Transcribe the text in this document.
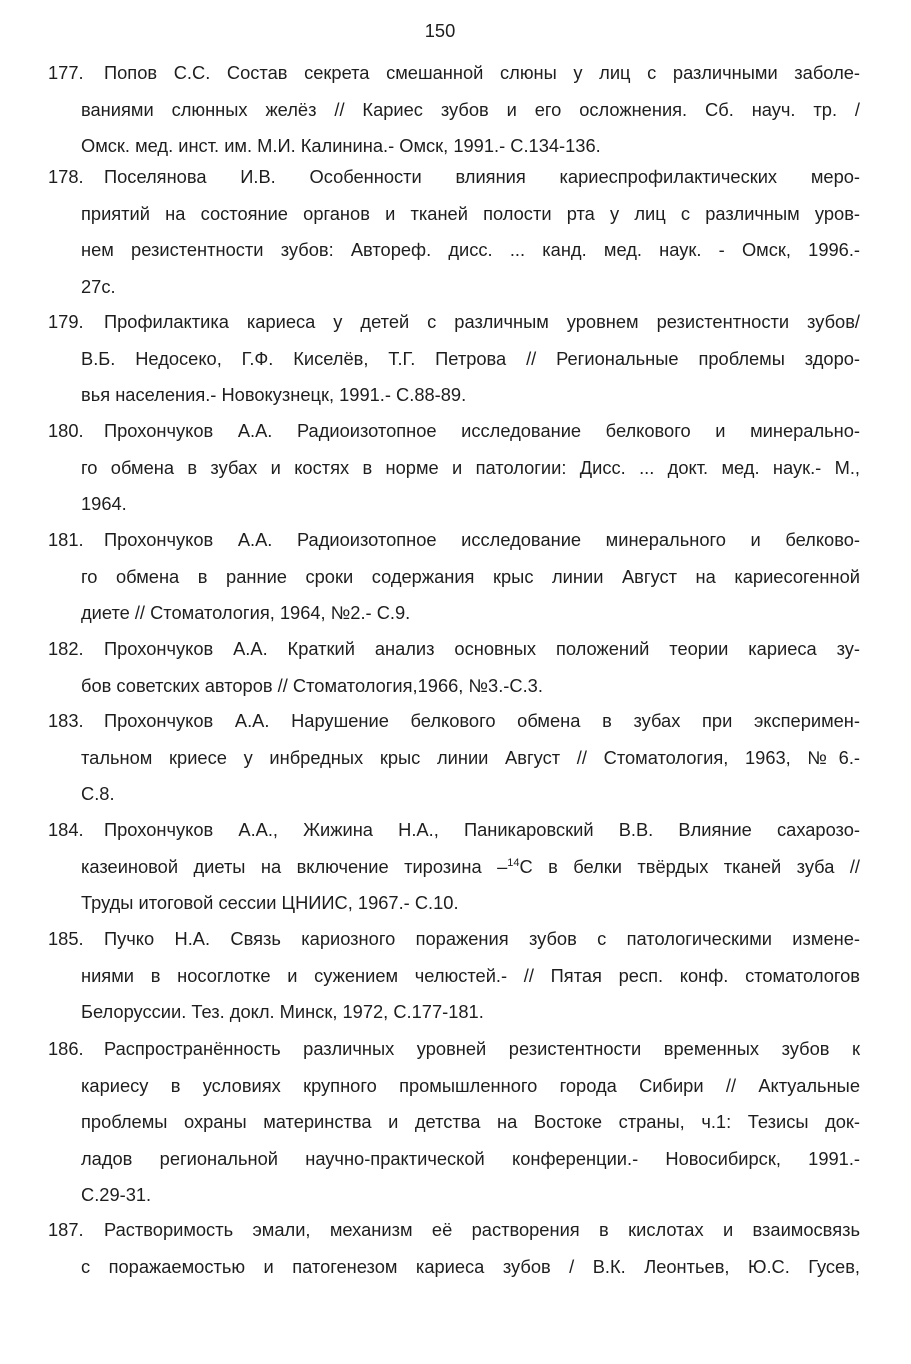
150
177. Попов С.С. Состав секрета смешанной слюны у лиц с различными заболе-
ваниями слюнных желёз // Кариес зубов и его осложнения. Сб. науч. тр. /
Омск. мед. инст. им. М.И. Калинина.- Омск, 1991.- С.134-136.
178. Поселянова И.В. Особенности влияния кариеспрофилактических меро-
приятий на состояние органов и тканей полости рта у лиц с различным уров-
нем резистентности зубов: Автореф. дисс. ... канд. мед. наук. - Омск, 1996.-
27с.
179. Профилактика кариеса у детей с различным уровнем резистентности зубов/
В.Б. Недосеко, Г.Ф. Киселёв, Т.Г. Петрова // Региональные проблемы здоро-
вья населения.- Новокузнецк, 1991.- С.88-89.
180. Прохончуков А.А. Радиоизотопное исследование белкового и минерально-
го обмена в зубах и костях в норме и патологии: Дисс. ... докт. мед. наук.- М.,
1964.
181. Прохончуков А.А. Радиоизотопное исследование минерального и белково-
го обмена в ранние сроки содержания крыс линии Август на кариесогенной
диете // Стоматология, 1964, №2.- С.9.
182. Прохончуков А.А. Краткий анализ основных положений теории кариеса зу-
бов советских авторов // Стоматология,1966, №3.-С.3.
183. Прохончуков А.А. Нарушение белкового обмена в зубах при эксперимен-
тальном криесе у инбредных крыс линии Август // Стоматология, 1963, №6.-
С.8.
184. Прохончуков А.А., Жижина Н.А., Паникаровский В.В. Влияние сахарозо-
казеиновой диеты на включение тирозина –$^{14}$С в белки твёрдых тканей зуба //
Труды итоговой сессии ЦНИИС, 1967.- С.10.
185. Пучко Н.А. Связь кариозного поражения зубов с патологическими измене-
ниями в носоглотке и сужением челюстей.- // Пятая респ. конф. стоматологов
Белоруссии. Тез. докл. Минск, 1972, С.177-181.
186. Распространённость различных уровней резистентности временных зубов к
кариесу в условиях крупного промышленного города Сибири // Актуальные
проблемы охраны материнства и детства на Востоке страны, ч.1: Тезисы док-
ладов региональной научно-практической конференции.- Новосибирск, 1991.-
С.29-31.
187. Растворимость эмали, механизм её растворения в кислотах и взаимосвязь
с поражаемостью и патогенезом кариеса зубов / В.К. Леонтьев, Ю.С. Гусев,
